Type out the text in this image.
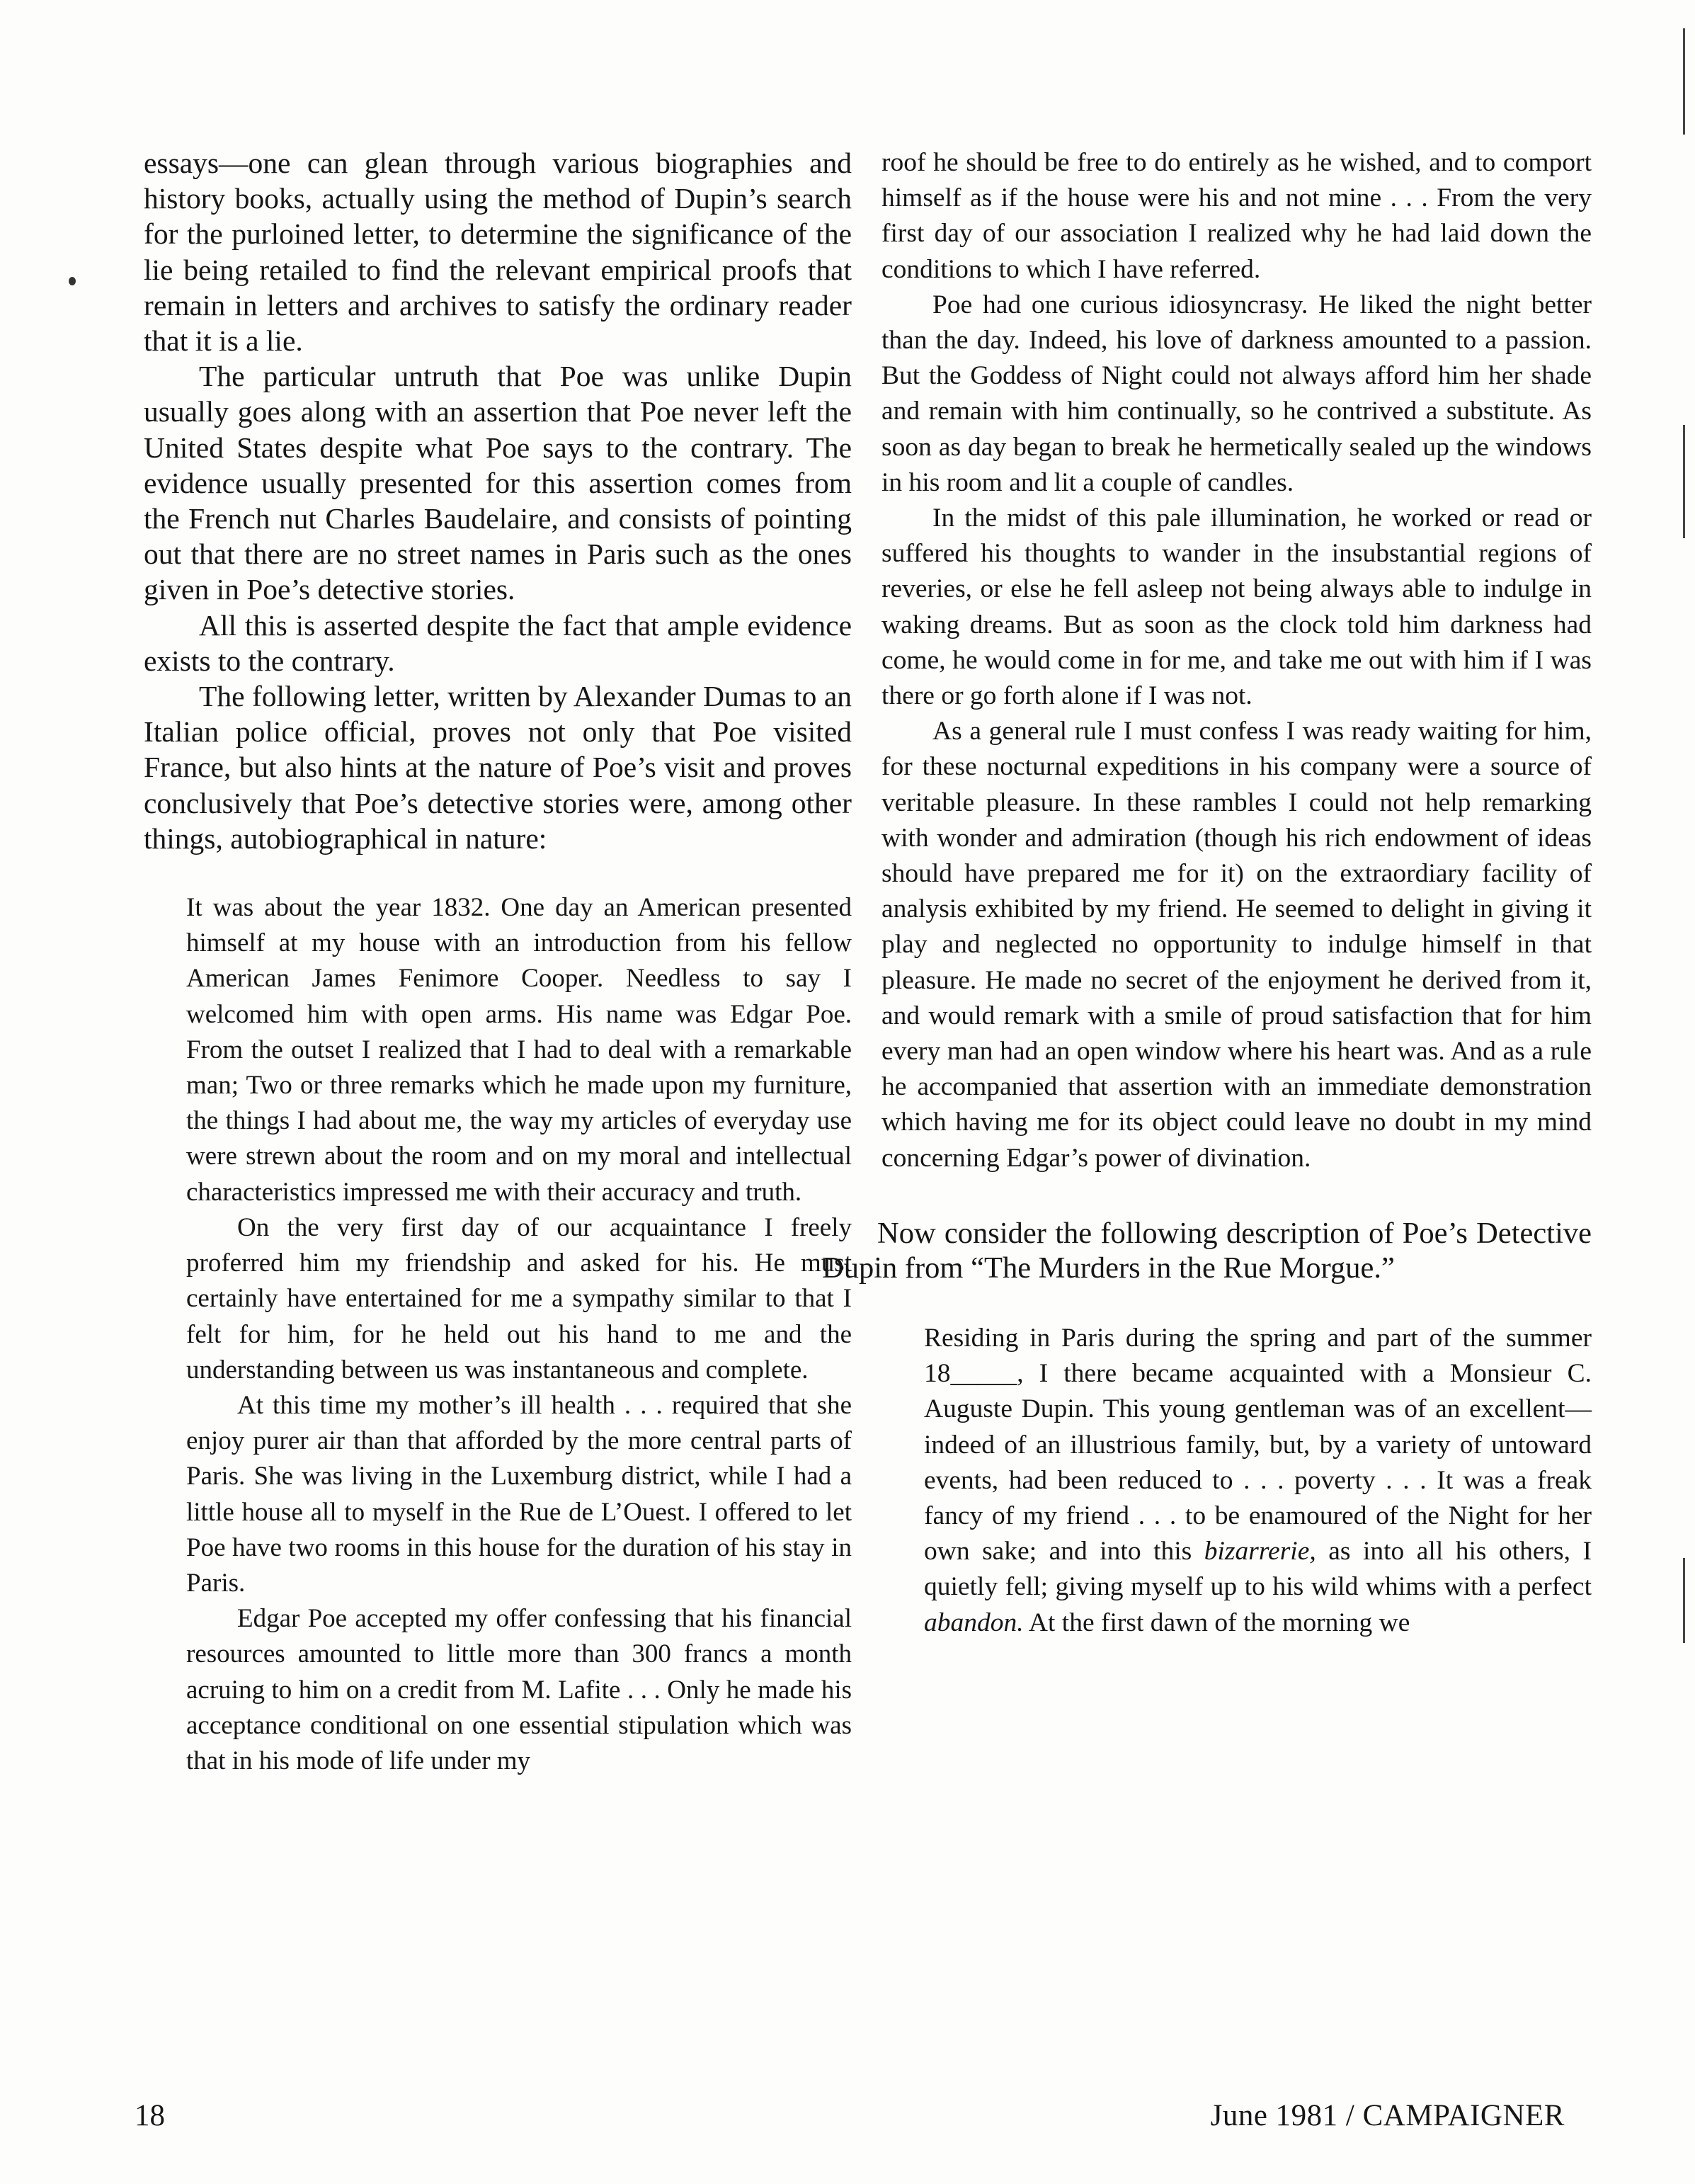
essays—one can glean through various biographies and history books, actually using the method of Dupin’s search for the purloined letter, to determine the significance of the lie being retailed to find the relevant empirical proofs that remain in letters and archives to satisfy the ordinary reader that it is a lie.

The particular untruth that Poe was unlike Dupin usually goes along with an assertion that Poe never left the United States despite what Poe says to the contrary. The evidence usually presented for this assertion comes from the French nut Charles Baudelaire, and consists of pointing out that there are no street names in Paris such as the ones given in Poe’s detective stories.

All this is asserted despite the fact that ample evidence exists to the contrary.

The following letter, written by Alexander Dumas to an Italian police official, proves not only that Poe visited France, but also hints at the nature of Poe’s visit and proves conclusively that Poe’s detective stories were, among other things, autobiographical in nature:

It was about the year 1832. One day an American presented himself at my house with an introduction from his fellow American James Fenimore Cooper. Needless to say I welcomed him with open arms. His name was Edgar Poe. From the outset I realized that I had to deal with a remarkable man; Two or three remarks which he made upon my furniture, the things I had about me, the way my articles of everyday use were strewn about the room and on my moral and intellectual characteristics impressed me with their accuracy and truth.

On the very first day of our acquaintance I freely proferred him my friendship and asked for his. He must certainly have entertained for me a sympathy similar to that I felt for him, for he held out his hand to me and the understanding between us was instantaneous and complete.

At this time my mother’s ill health . . . required that she enjoy purer air than that afforded by the more central parts of Paris. She was living in the Luxemburg district, while I had a little house all to myself in the Rue de L’Ouest. I offered to let Poe have two rooms in this house for the duration of his stay in Paris.

Edgar Poe accepted my offer confessing that his financial resources amounted to little more than 300 francs a month acruing to him on a credit from M. Lafite . . . Only he made his acceptance conditional on one essential stipulation which was that in his mode of life under my

roof he should be free to do entirely as he wished, and to comport himself as if the house were his and not mine . . . From the very first day of our association I realized why he had laid down the conditions to which I have referred.

Poe had one curious idiosyncrasy. He liked the night better than the day. Indeed, his love of darkness amounted to a passion. But the Goddess of Night could not always afford him her shade and remain with him continually, so he contrived a substitute. As soon as day began to break he hermetically sealed up the windows in his room and lit a couple of candles.

In the midst of this pale illumination, he worked or read or suffered his thoughts to wander in the insubstantial regions of reveries, or else he fell asleep not being always able to indulge in waking dreams. But as soon as the clock told him darkness had come, he would come in for me, and take me out with him if I was there or go forth alone if I was not.

As a general rule I must confess I was ready waiting for him, for these nocturnal expeditions in his company were a source of veritable pleasure. In these rambles I could not help remarking with wonder and admiration (though his rich endowment of ideas should have prepared me for it) on the extraordiary facility of analysis exhibited by my friend. He seemed to delight in giving it play and neglected no opportunity to indulge himself in that pleasure. He made no secret of the enjoyment he derived from it, and would remark with a smile of proud satisfaction that for him every man had an open window where his heart was. And as a rule he accompanied that assertion with an immediate demonstration which having me for its object could leave no doubt in my mind concerning Edgar’s power of divination.

Now consider the following description of Poe’s Detective Dupin from “The Murders in the Rue Morgue.”

Residing in Paris during the spring and part of the summer 18_____, I there became acquainted with a Monsieur C. Auguste Dupin. This young gentleman was of an excellent—indeed of an illustrious family, but, by a variety of untoward events, had been reduced to . . . poverty . . . It was a freak fancy of my friend . . . to be enamoured of the Night for her own sake; and into this bizarrerie, as into all his others, I quietly fell; giving myself up to his wild whims with a perfect abandon. At the first dawn of the morning we

18	June 1981 / CAMPAIGNER
